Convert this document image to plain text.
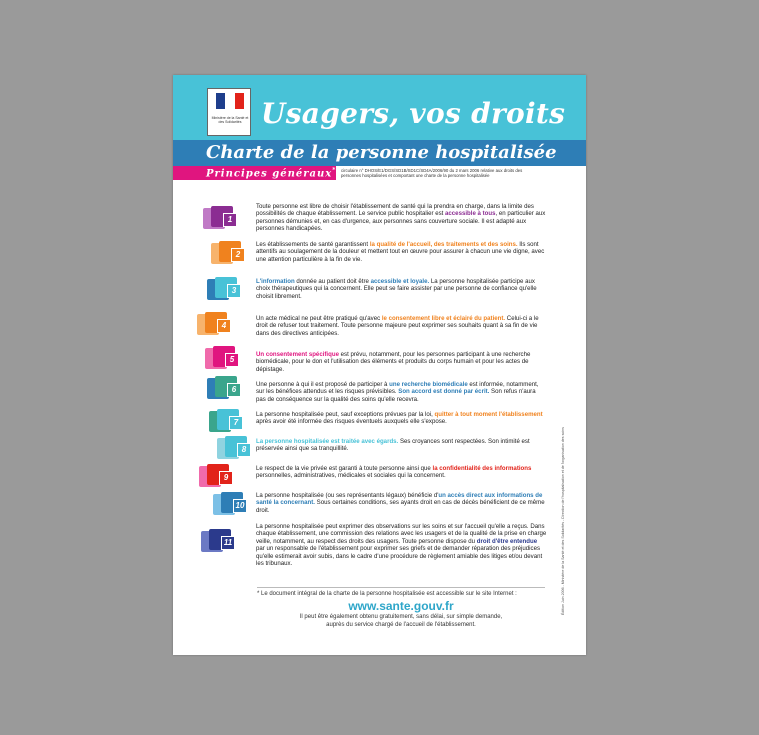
Ministère de la Santé et des Solidarités Usagers, vos droits
Charte de la personne hospitalisée
Principes généraux* circulaire n° DHOS/E1/DGS/SD1B/SD1C/SD4A/2006/90 du 2 mars 2006 relative aux droits des personnes hospitalisées et comportant une charte de la personne hospitalisée
1
Toute personne est libre de choisir l'établissement de santé qui la prendra en charge, dans la limite des possibilités de chaque établissement. Le service public hospitalier est accessible à tous, en particulier aux personnes démunies et, en cas d'urgence, aux personnes sans couverture sociale. Il est adapté aux personnes handicapées.
2
Les établissements de santé garantissent la qualité de l'accueil, des traitements et des soins. Ils sont attentifs au soulagement de la douleur et mettent tout en œuvre pour assurer à chacun une vie digne, avec une attention particulière à la fin de vie.
3
L'information donnée au patient doit être accessible et loyale. La personne hospitalisée participe aux choix thérapeutiques qui la concernent. Elle peut se faire assister par une personne de confiance qu'elle choisit librement.
4
Un acte médical ne peut être pratiqué qu'avec le consentement libre et éclairé du patient. Celui-ci a le droit de refuser tout traitement. Toute personne majeure peut exprimer ses souhaits quant à sa fin de vie dans des directives anticipées.
5
Un consentement spécifique est prévu, notamment, pour les personnes participant à une recherche biomédicale, pour le don et l'utilisation des éléments et produits du corps humain et pour les actes de dépistage.
6
Une personne à qui il est proposé de participer à une recherche biomédicale est informée, notamment, sur les bénéfices attendus et les risques prévisibles. Son accord est donné par écrit. Son refus n'aura pas de conséquence sur la qualité des soins qu'elle recevra.
7
La personne hospitalisée peut, sauf exceptions prévues par la loi, quitter à tout moment l'établissement après avoir été informée des risques éventuels auxquels elle s'expose.
8
La personne hospitalisée est traitée avec égards. Ses croyances sont respectées. Son intimité est préservée ainsi que sa tranquillité.
9
Le respect de la vie privée est garanti à toute personne ainsi que la confidentialité des informations personnelles, administratives, médicales et sociales qui la concernent.
10
La personne hospitalisée (ou ses représentants légaux) bénéficie d'un accès direct aux informations de santé la concernant. Sous certaines conditions, ses ayants droit en cas de décès bénéficient de ce même droit.
11
La personne hospitalisée peut exprimer des observations sur les soins et sur l'accueil qu'elle a reçus. Dans chaque établissement, une commission des relations avec les usagers et de la qualité de la prise en charge veille, notamment, au respect des droits des usagers. Toute personne dispose du droit d'être entendue par un responsable de l'établissement pour exprimer ses griefs et de demander réparation des préjudices qu'elle estimerait avoir subis, dans le cadre d'une procédure de règlement amiable des litiges et/ou devant les tribunaux.
* Le document intégral de la charte de la personne hospitalisée est accessible sur le site Internet :
www.sante.gouv.fr
Il peut être également obtenu gratuitement, sans délai, sur simple demande,
auprès du service chargé de l'accueil de l'établissement.
Édition Juin 2006 - Ministère de la Santé et des Solidarités - Direction de l'hospitalisation et de l'organisation des soins
